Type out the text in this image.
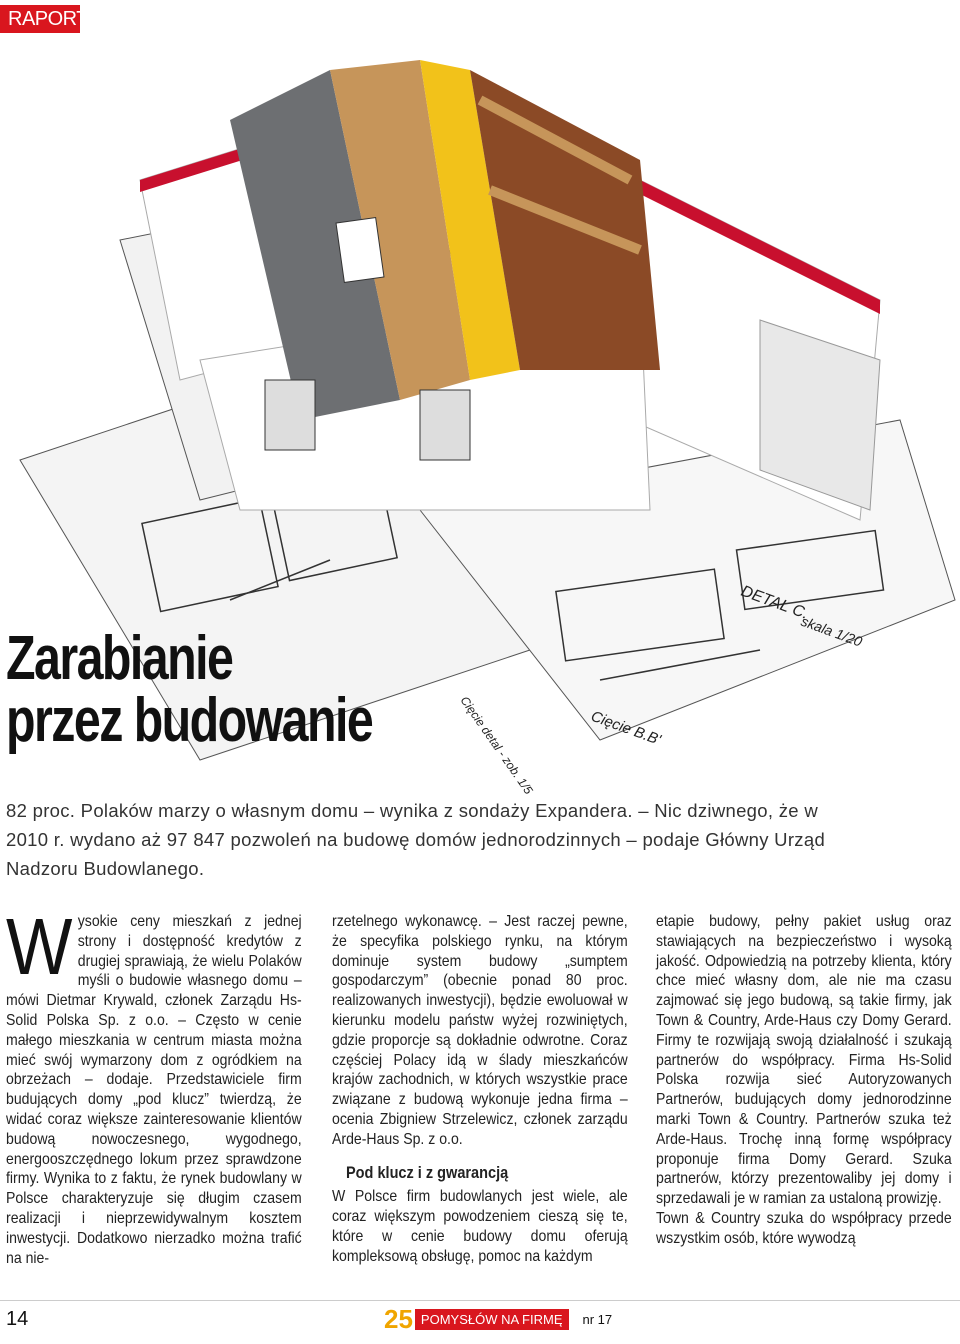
RAPORT
DETAL C.
skala 1/20
Cięcie B.B'
Cięcie detal - zob. 1/5
Zarabianie
przez budowanie

82 proc. Polaków marzy o własnym domu – wynika z sondaży Expandera. – Nic dziwnego, że w 2010 r. wydano aż 97 847 pozwoleń na budowę domów jednorodzinnych – podaje Główny Urząd Nadzoru Budowlanego.

Wysokie ceny mieszkań z jednej strony i dostępność kredytów z drugiej sprawiają, że wielu Polaków myśli o budowie własnego domu – mówi Dietmar Krywald, członek Zarządu Hs-Solid Polska Sp. z o.o. – Często w cenie małego mieszkania w centrum miasta można mieć swój wymarzony dom z ogródkiem na obrzeżach – dodaje. Przedstawiciele firm budujących domy „pod klucz” twierdzą, że widać coraz większe zainteresowanie klientów budową nowoczesnego, wygodnego, energooszczędnego lokum przez sprawdzone firmy. Wynika to z faktu, że rynek budowlany w Polsce charakteryzuje się długim czasem realizacji i nieprzewidywalnym kosztem inwestycji. Dodatkowo nierzadko można trafić na nie-

rzetelnego wykonawcę. – Jest raczej pewne, że specyfika polskiego rynku, na którym dominuje system budowy „sumptem gospodarczym” (obecnie ponad 80 proc. realizowanych inwestycji), będzie ewoluował w kierunku modelu państw wyżej rozwiniętych, gdzie proporcje są dokładnie odwrotne. Coraz częściej Polacy idą w ślady mieszkańców krajów zachodnich, w których wszystkie prace związane z budową wykonuje jedna firma – ocenia Zbigniew Strzelewicz, członek zarządu Arde-Haus Sp. z o.o.

Pod klucz i z gwarancją

W Polsce firm budowlanych jest wiele, ale coraz większym powodzeniem cieszą się te, które w cenie budowy domu oferują kompleksową obsługę, pomoc na każdym

etapie budowy, pełny pakiet usług oraz stawiających na bezpieczeństwo i wysoką jakość. Odpowiedzią na potrzeby klienta, który chce mieć własny dom, ale nie ma czasu zajmować się jego budową, są takie firmy, jak Town & Country, Arde-Haus czy Domy Gerard. Firmy te rozwijają swoją działalność i szukają partnerów do współpracy. Firma Hs-Solid Polska rozwija sieć Autoryzowanych Partnerów, budujących domy jednorodzinne marki Town & Country. Partnerów szuka też Arde-Haus. Trochę inną formę współpracy proponuje firma Domy Gerard. Szuka partnerów, którzy prezentowaliby jej domy i sprzedawali je w ramian za ustaloną prowizję.

Town & Country szuka do współpracy przede wszystkim osób, które wywodzą

14	25 POMYSŁÓW NA FIRMĘ	nr 17
